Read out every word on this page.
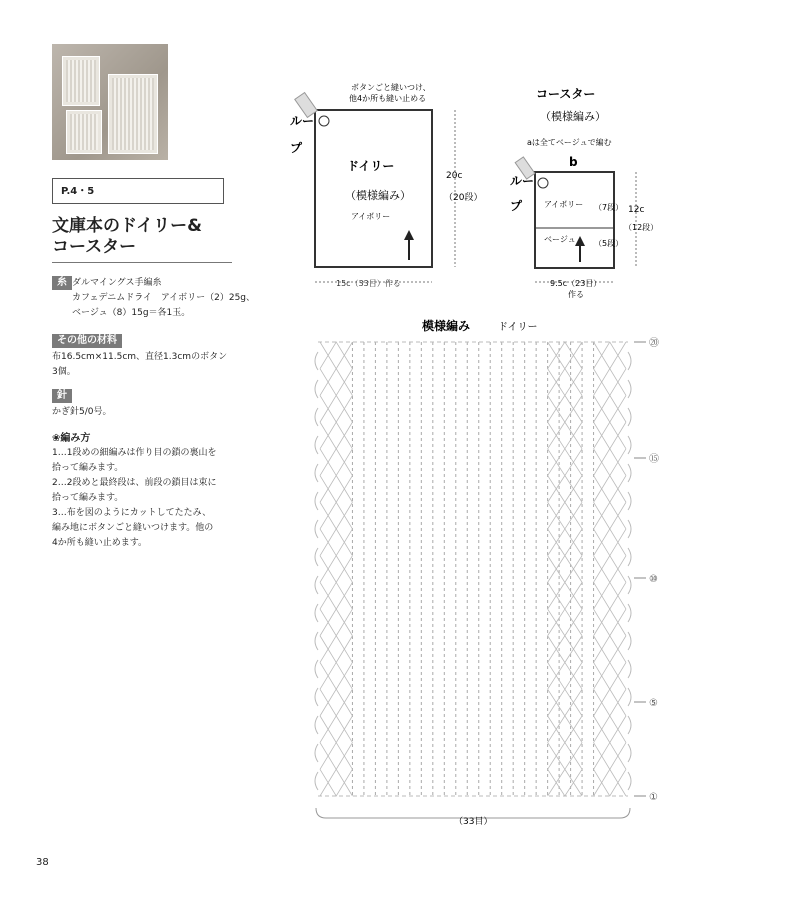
P.4・5
文庫本のドイリー&
コースター
糸 ダルマイングス手編糸
カフェデニムドライ　アイボリー（2）25g、
ベージュ（8）15g＝各1玉。
その他の材料
布16.5cm×11.5cm、直径1.3cmのボタン3個。
針
かぎ針5/0号。
❀編み方
1…1段めの細編みは作り目の鎖の裏山を
拾って編みます。
2…2段めと最終段は、前段の鎖目は束に
拾って編みます。
3…布を図のようにカットしてたたみ、
編み地にボタンごと縫いつけます。他の
4か所も縫い止めます。
38
ボタンごと縫いつけ、
他4か所も縫い止める
ルー
プ
ドイリー
（模様編み）
アイボリー
20c
（20段）
15c（33目）作る
コースター
（模様編み）
aは全てベージュで編む
b
ルー
プ	アイボリー
ベージュ
（7段）
（5段）
12c
（12段）
9.5c（23目）
作る
模様編み	ドイリー
（33目）
⑳
⑮
⑩
⑤
①
